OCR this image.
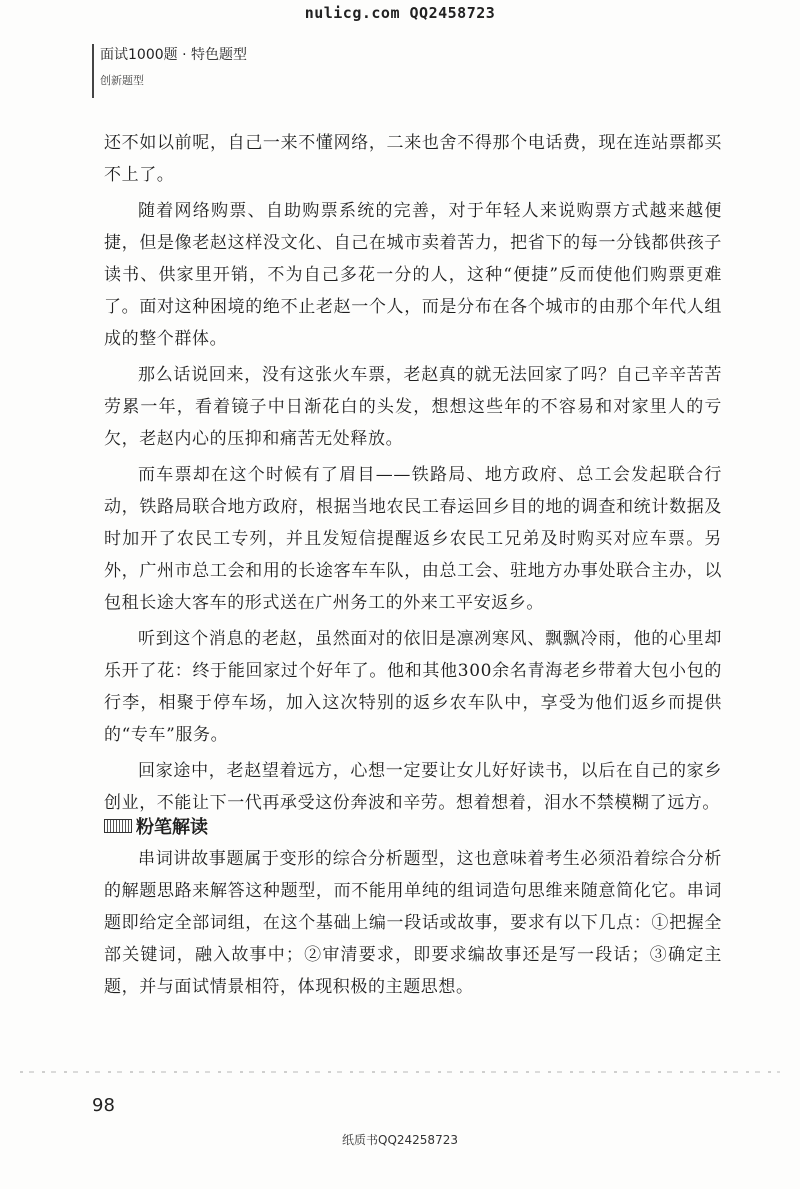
nulicg.com QQ2458723
面试1000题 · 特色题型
创新题型

还不如以前呢，自己一来不懂网络，二来也舍不得那个电话费，现在连站票都买不上了。

随着网络购票、自助购票系统的完善，对于年轻人来说购票方式越来越便捷，但是像老赵这样没文化、自己在城市卖着苦力，把省下的每一分钱都供孩子读书、供家里开销，不为自己多花一分的人，这种“便捷”反而使他们购票更难了。面对这种困境的绝不止老赵一个人，而是分布在各个城市的由那个年代人组成的整个群体。

那么话说回来，没有这张火车票，老赵真的就无法回家了吗？自己辛辛苦苦劳累一年，看着镜子中日渐花白的头发，想想这些年的不容易和对家里人的亏欠，老赵内心的压抑和痛苦无处释放。

而车票却在这个时候有了眉目——铁路局、地方政府、总工会发起联合行动，铁路局联合地方政府，根据当地农民工春运回乡目的地的调查和统计数据及时加开了农民工专列，并且发短信提醒返乡农民工兄弟及时购买对应车票。另外，广州市总工会和用的长途客车车队，由总工会、驻地方办事处联合主办，以包租长途大客车的形式送在广州务工的外来工平安返乡。

听到这个消息的老赵，虽然面对的依旧是凛冽寒风、飘飘冷雨，他的心里却乐开了花：终于能回家过个好年了。他和其他300余名青海老乡带着大包小包的行李，相聚于停车场，加入这次特别的返乡农车队中，享受为他们返乡而提供的“专车”服务。

回家途中，老赵望着远方，心想一定要让女儿好好读书，以后在自己的家乡创业，不能让下一代再承受这份奔波和辛劳。想着想着，泪水不禁模糊了远方。

粉笔解读

串词讲故事题属于变形的综合分析题型，这也意味着考生必须沿着综合分析的解题思路来解答这种题型，而不能用单纯的组词造句思维来随意简化它。串词题即给定全部词组，在这个基础上编一段话或故事，要求有以下几点：①把握全部关键词，融入故事中；②审清要求，即要求编故事还是写一段话；③确定主题，并与面试情景相符，体现积极的主题思想。

98
纸质书QQ24258723
